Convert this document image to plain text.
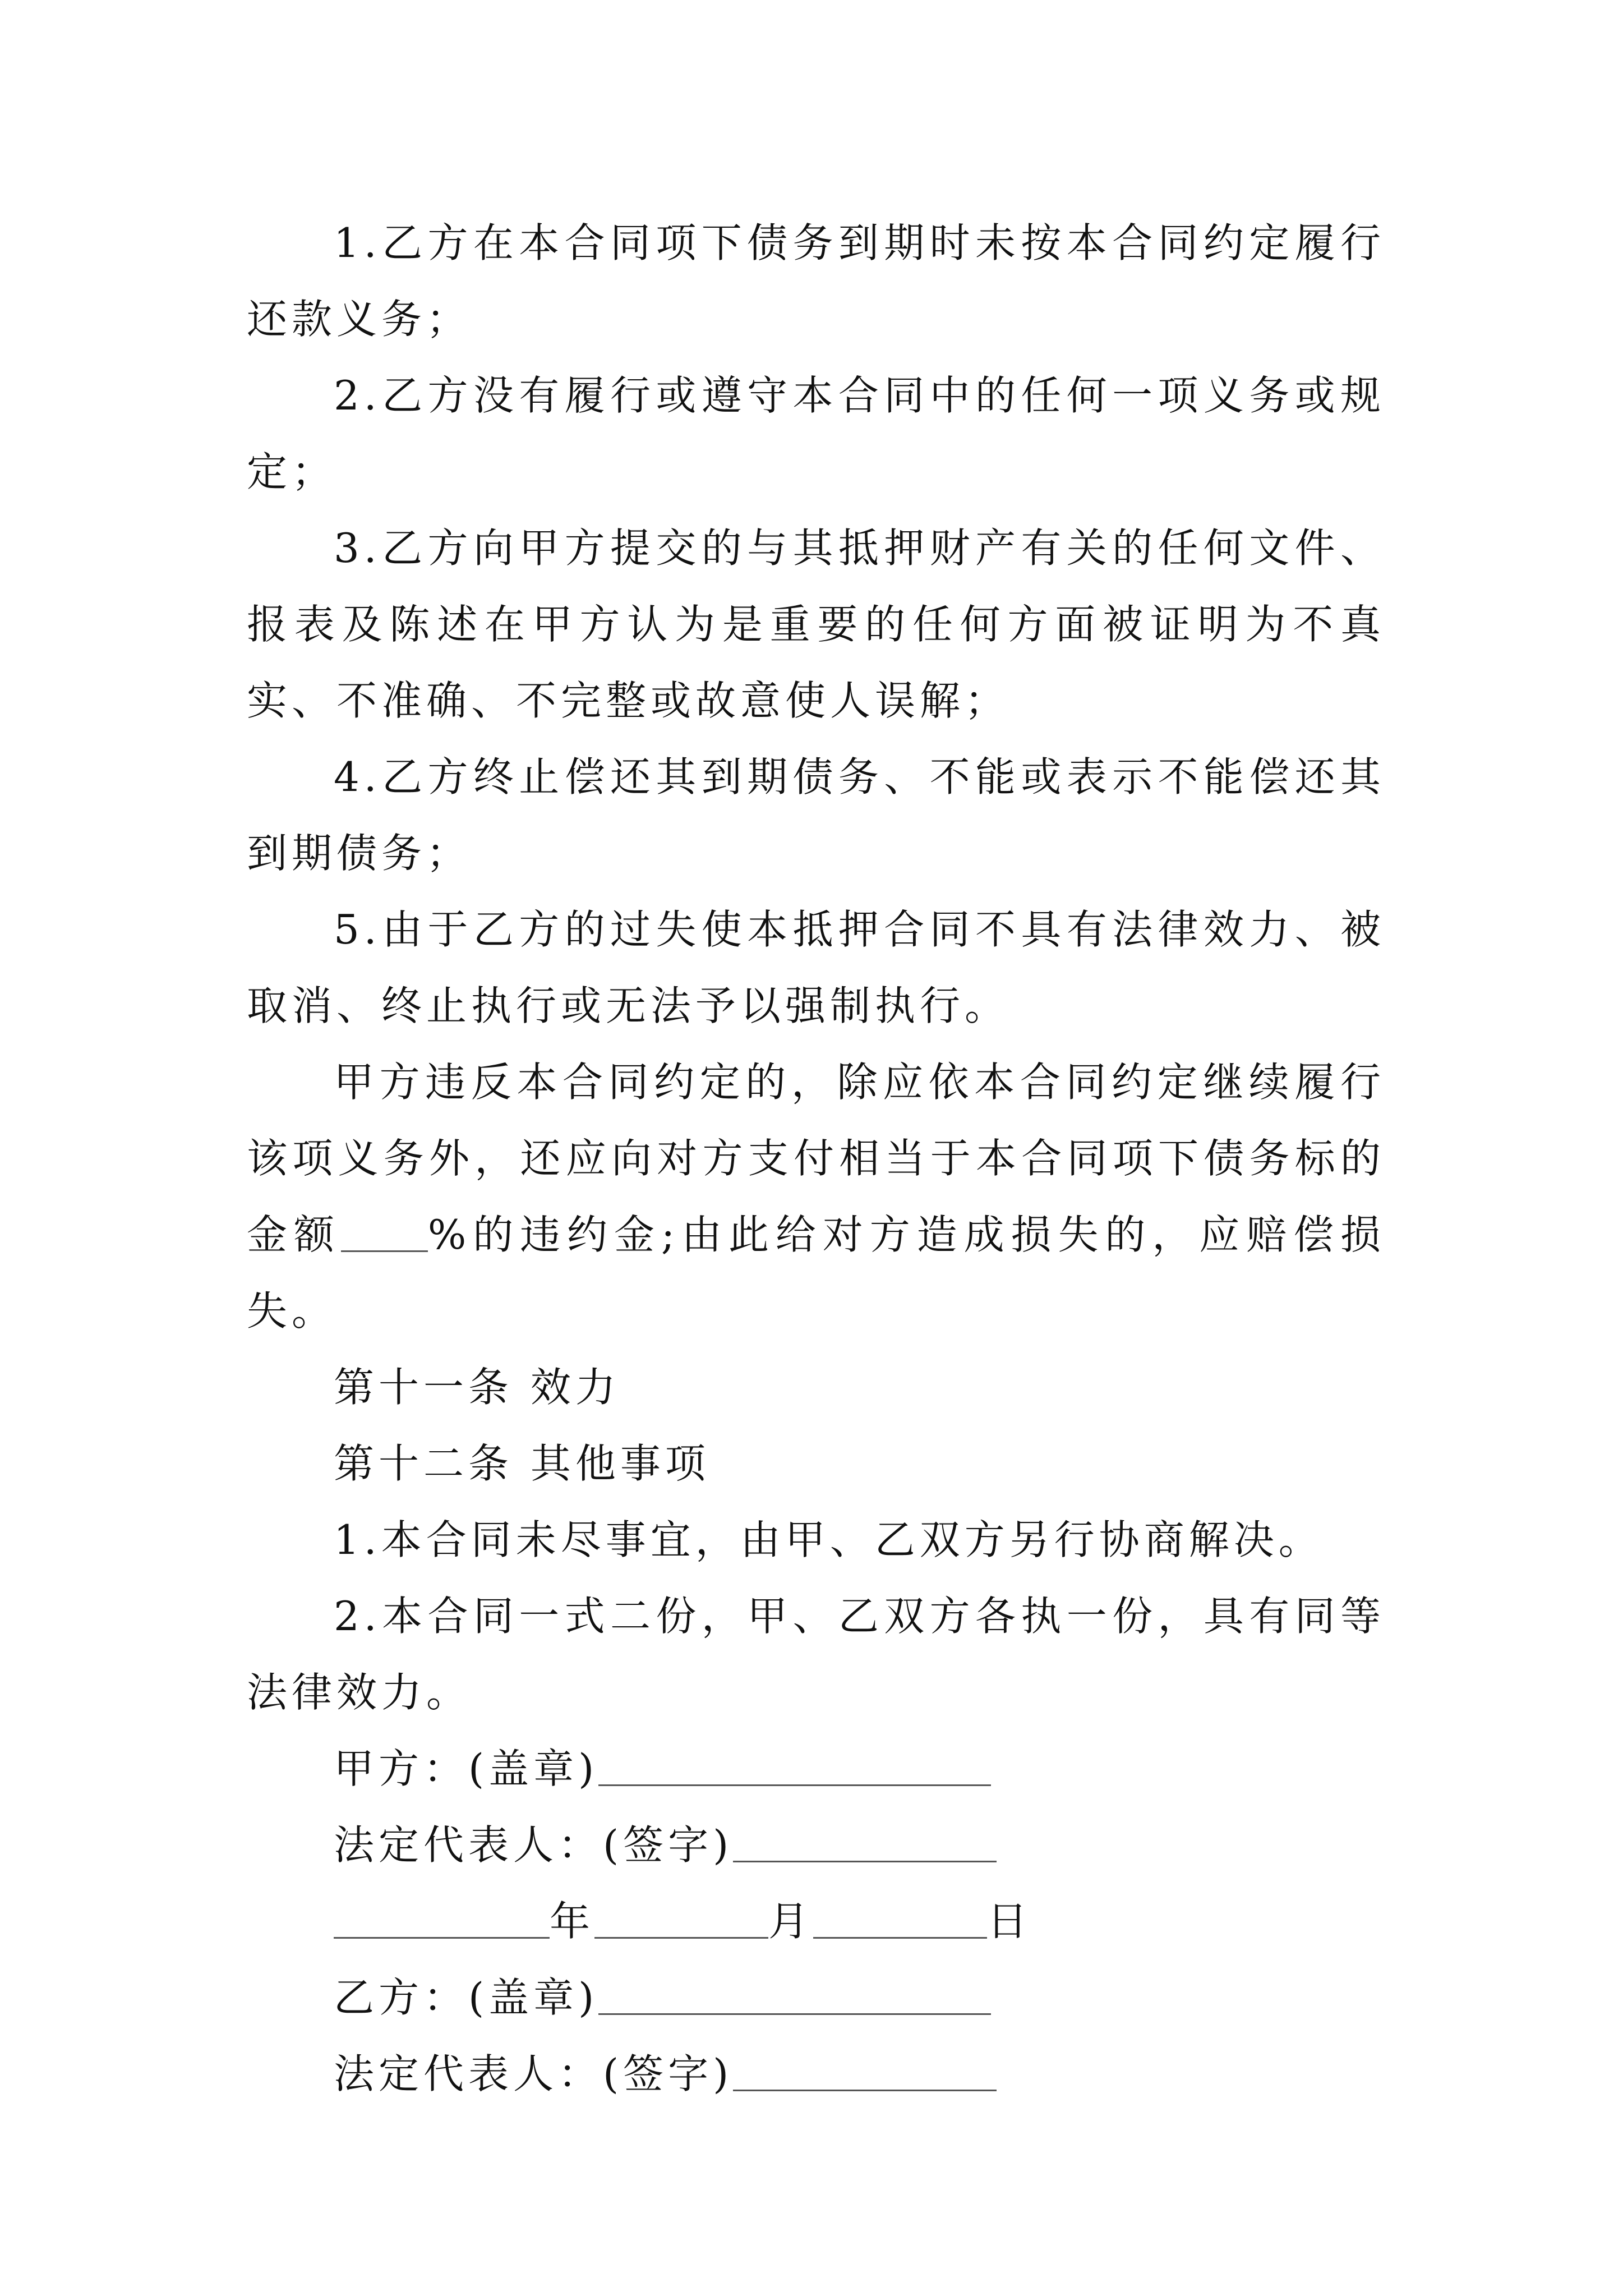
1.乙方在本合同项下债务到期时未按本合同约定履行还款义务；

2.乙方没有履行或遵守本合同中的任何一项义务或规定；

3.乙方向甲方提交的与其抵押财产有关的任何文件、报表及陈述在甲方认为是重要的任何方面被证明为不真实、不准确、不完整或故意使人误解；

4.乙方终止偿还其到期债务、不能或表示不能偿还其到期债务；

5.由于乙方的过失使本抵押合同不具有法律效力、被取消、终止执行或无法予以强制执行。

甲方违反本合同约定的，除应依本合同约定继续履行该项义务外，还应向对方支付相当于本合同项下债务标的金额 %的违约金;由此给对方造成损失的，应赔偿损失。

第十一条 效力

第十二条 其他事项

1.本合同未尽事宜，由甲、乙双方另行协商解决。

2.本合同一式二份，甲、乙双方各执一份，具有同等法律效力。

甲方：(盖章)

法定代表人：(签字)

年	月	日

乙方：(盖章)

法定代表人：(签字)
